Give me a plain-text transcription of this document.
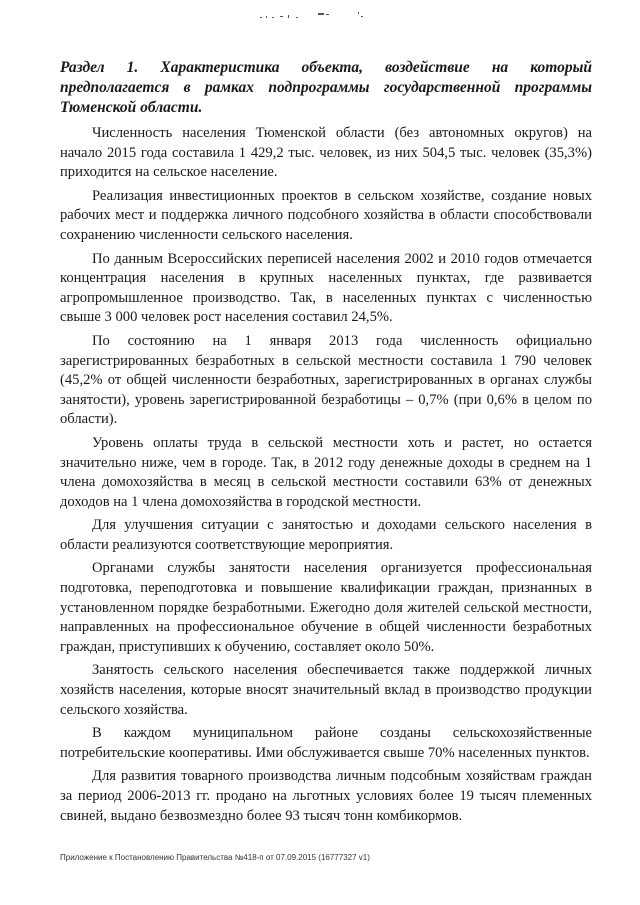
Раздел 1. Характеристика объекта, воздействие на который предполагается в рамках подпрограммы государственной программы Тюменской области.

Численность населения Тюменской области (без автономных округов) на начало 2015 года составила 1 429,2 тыс. человек, из них 504,5 тыс. человек (35,3%) приходится на сельское население.

Реализация инвестиционных проектов в сельском хозяйстве, создание новых рабочих мест и поддержка личного подсобного хозяйства в области способствовали сохранению численности сельского населения.

По данным Всероссийских переписей населения 2002 и 2010 годов отмечается концентрация населения в крупных населенных пунктах, где развивается агропромышленное производство. Так, в населенных пунктах с численностью свыше 3 000 человек рост населения составил 24,5%.

По состоянию на 1 января 2013 года численность официально зарегистрированных безработных в сельской местности составила 1 790 человек (45,2% от общей численности безработных, зарегистрированных в органах службы занятости), уровень зарегистрированной безработицы – 0,7% (при 0,6% в целом по области).

Уровень оплаты труда в сельской местности хоть и растет, но остается значительно ниже, чем в городе. Так, в 2012 году денежные доходы в среднем на 1 члена домохозяйства в месяц в сельской местности составили 63% от денежных доходов на 1 члена домохозяйства в городской местности.

Для улучшения ситуации с занятостью и доходами сельского населения в области реализуются соответствующие мероприятия.

Органами службы занятости населения организуется профессиональная подготовка, переподготовка и повышение квалификации граждан, признанных в установленном порядке безработными. Ежегодно доля жителей сельской местности, направленных на профессиональное обучение в общей численности безработных граждан, приступивших к обучению, составляет около 50%.

Занятость сельского населения обеспечивается также поддержкой личных хозяйств населения, которые вносят значительный вклад в производство продукции сельского хозяйства.

В каждом муниципальном районе созданы сельскохозяйственные потребительские кооперативы. Ими обслуживается свыше 70% населенных пунктов.

Для развития товарного производства личным подсобным хозяйствам граждан за период 2006-2013 гг. продано на льготных условиях более 19 тысяч племенных свиней, выдано безвозмездно более 93 тысяч тонн комбикормов.

Приложение к Постановлению Правительства №418-п от 07.09.2015 (16777327 v1)
